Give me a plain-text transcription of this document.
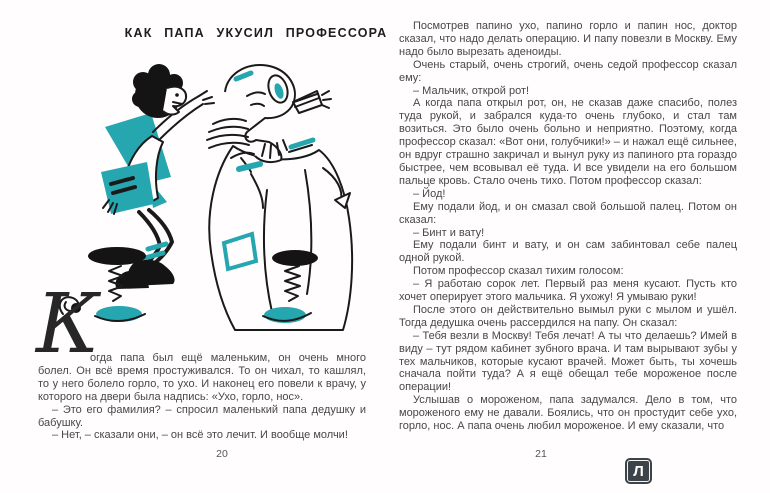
КАК ПАПА УКУСИЛ ПРОФЕССОРА
К

огда папа был ещё маленьким, он очень много болел. Он всё время простуживался. То он чихал, то кашлял, то у него болело горло, то ухо. И наконец его повели к врачу, у которого на двери была надпись: «Ухо, горло, нос».

– Это его фамилия? – спросил маленький папа дедушку и бабушку.

– Нет, – сказали они, – он всё это лечит. И вообще молчи!

20

Посмотрев папино ухо, папино горло и папин нос, доктор сказал, что надо делать операцию. И папу повезли в Москву. Ему надо было вырезать аденоиды.

Очень старый, очень строгий, очень седой профессор сказал ему:

– Мальчик, открой рот!

А когда папа открыл рот, он, не сказав даже спасибо, полез туда рукой, и забрался куда-то очень глубоко, и стал там возиться. Это было очень больно и неприятно. Поэтому, когда профессор сказал: «Вот они, голубчики!» – и нажал ещё сильнее, он вдруг страшно закричал и вынул руку из папиного рта гораздо быстрее, чем всовывал её туда. И все увидели на его большом пальце кровь. Стало очень тихо. Потом профессор сказал:

– Йод!

Ему подали йод, и он смазал свой большой палец. Потом он сказал:

– Бинт и вату!

Ему подали бинт и вату, и он сам забинтовал себе палец одной рукой.

Потом профессор сказал тихим голосом:

– Я работаю сорок лет. Первый раз меня кусают. Пусть кто хочет оперирует этого мальчика. Я ухожу! Я умываю руки!

После этого он действительно вымыл руки с мылом и ушёл. Тогда дедушка очень рассердился на папу. Он сказал:

– Тебя везли в Москву! Тебя лечат! А ты что делаешь? Имей в виду – тут рядом кабинет зубного врача. И там вырывают зубы у тех мальчиков, которые кусают врачей. Может быть, ты хочешь сначала пойти туда? А я ещё обещал тебе мороженое после операции!

Услышав о мороженом, папа задумался. Дело в том, что мороженого ему не давали. Боялись, что он простудит себе ухо, горло, нос. А папа очень любил мороженое. И ему сказали, что

21
Л
